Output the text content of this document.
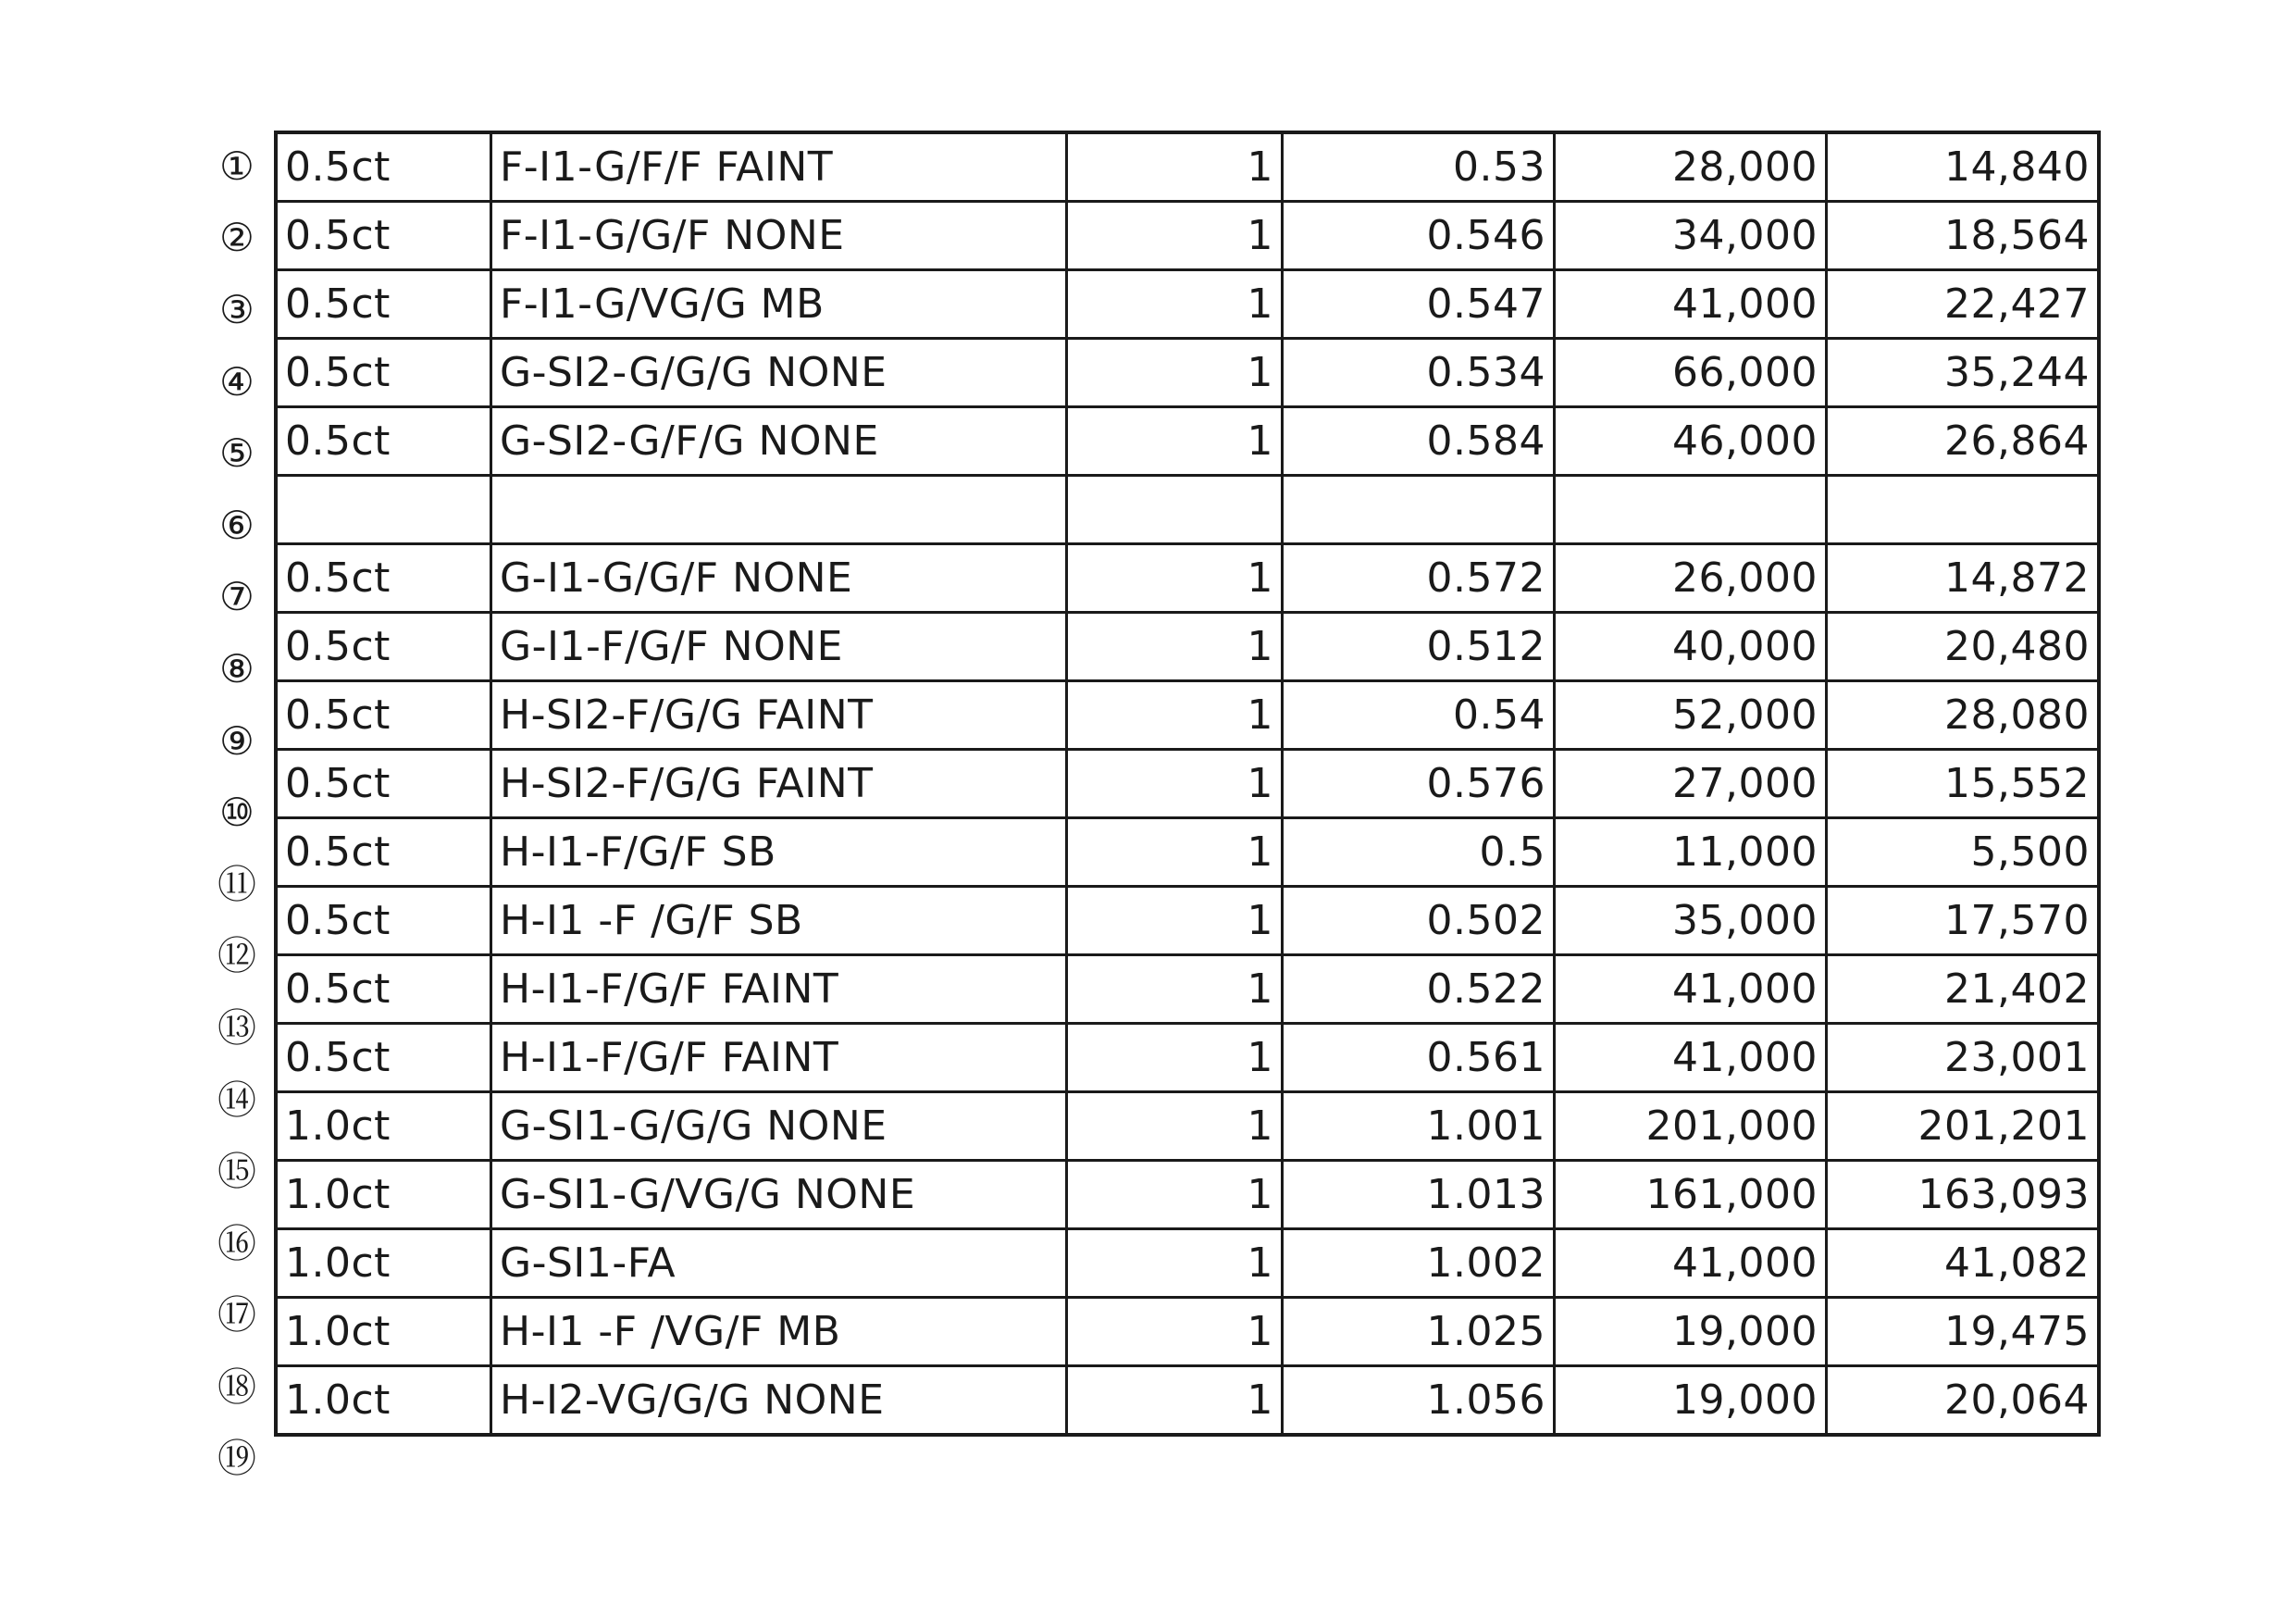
①
②
③
④
⑤
⑥
⑦
⑧
⑨
⑩
⑪
⑫
⑬
⑭
⑮
⑯
⑰
⑱
⑲
0.5ct	F-I1-G/F/F FAINT	1	0.53	28,000	14,840
0.5ct	F-I1-G/G/F NONE	1	0.546	34,000	18,564
0.5ct	F-I1-G/VG/G MB	1	0.547	41,000	22,427
0.5ct	G-SI2-G/G/G NONE	1	0.534	66,000	35,244
0.5ct	G-SI2-G/F/G NONE	1	0.584	46,000	26,864

0.5ct	G-I1-G/G/F NONE	1	0.572	26,000	14,872
0.5ct	G-I1-F/G/F NONE	1	0.512	40,000	20,480
0.5ct	H-SI2-F/G/G FAINT	1	0.54	52,000	28,080
0.5ct	H-SI2-F/G/G FAINT	1	0.576	27,000	15,552
0.5ct	H-I1-F/G/F SB	1	0.5	11,000	5,500
0.5ct	H-I1 -F /G/F SB	1	0.502	35,000	17,570
0.5ct	H-I1-F/G/F FAINT	1	0.522	41,000	21,402
0.5ct	H-I1-F/G/F FAINT	1	0.561	41,000	23,001
1.0ct	G-SI1-G/G/G NONE	1	1.001	201,000	201,201
1.0ct	G-SI1-G/VG/G NONE	1	1.013	161,000	163,093
1.0ct	G-SI1-FA	1	1.002	41,000	41,082
1.0ct	H-I1 -F /VG/F MB	1	1.025	19,000	19,475
1.0ct	H-I2-VG/G/G NONE	1	1.056	19,000	20,064
